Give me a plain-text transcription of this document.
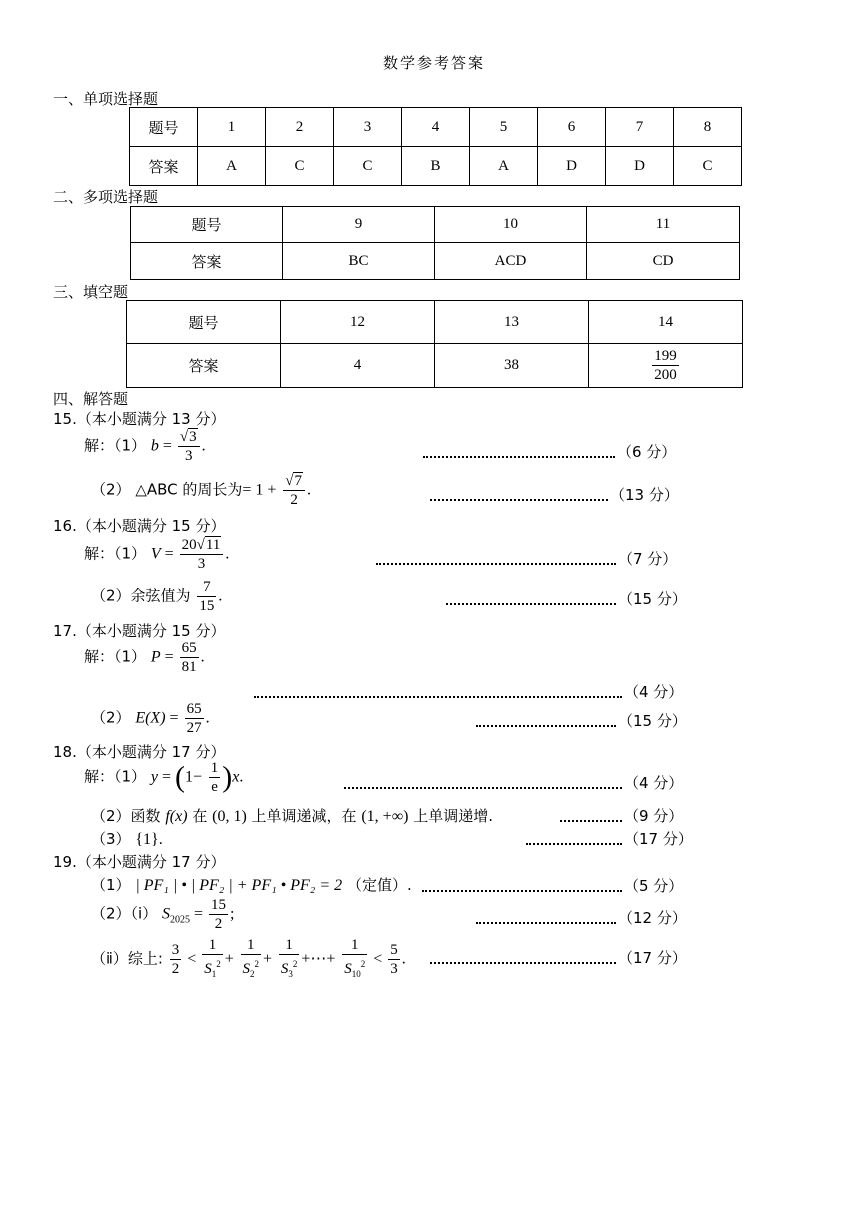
数学参考答案
一、单项选择题
题号	1	2	3	4	5	6	7	8
答案	A	C	C	B	A	D	D	C
二、多项选择题
题号	9	10	11
答案	BC	ACD	CD
三、填空题
题号	12	13	14
答案	4	38	$\frac{199}{200}$
四、解答题
15.（本小题满分 13 分）
解：（1） $b = \frac{√3}{3}$ .	（6 分）
（2） △ABC 的周长为= $1 + \frac{√7}{2}$ .	（13 分）
16.（本小题满分 15 分）
解：（1） $V = \frac{20√11}{3}$ .	（7 分）
（2）余弦值为 $\frac{7}{15}$ .	（15 分）
17.（本小题满分 15 分）
解：（1） $P = \frac{65}{81}$ .
（4 分）
（2） $E(X) = \frac{65}{27}$ .	（15 分）
18.（本小题满分 17 分）
解：（1） $y = (1- \frac{1}{e} )x$.	（4 分）
（2）函数 f(x) 在 (0, 1) 上单调递减，在 (1, +∞) 上单调递增.	（9 分）
（3） {1}.	（17 分）
19.（本小题满分 17 分）
（1） | PF₁ | • | PF₂ | + PF₁ • PF₂ = 2 （定值）.	（5 分）
（2）（ⅰ） $S_{2025} = \frac{15}{2}$ ;	（12 分）
（ⅱ）综上: $\frac{3}{2} < \frac{1}{S_1^2} + \frac{1}{S_2^2} + \frac{1}{S_3^2}$ +⋯+ $\frac{1}{S_{10}^2} < \frac{5}{3}$ .	（17 分）
